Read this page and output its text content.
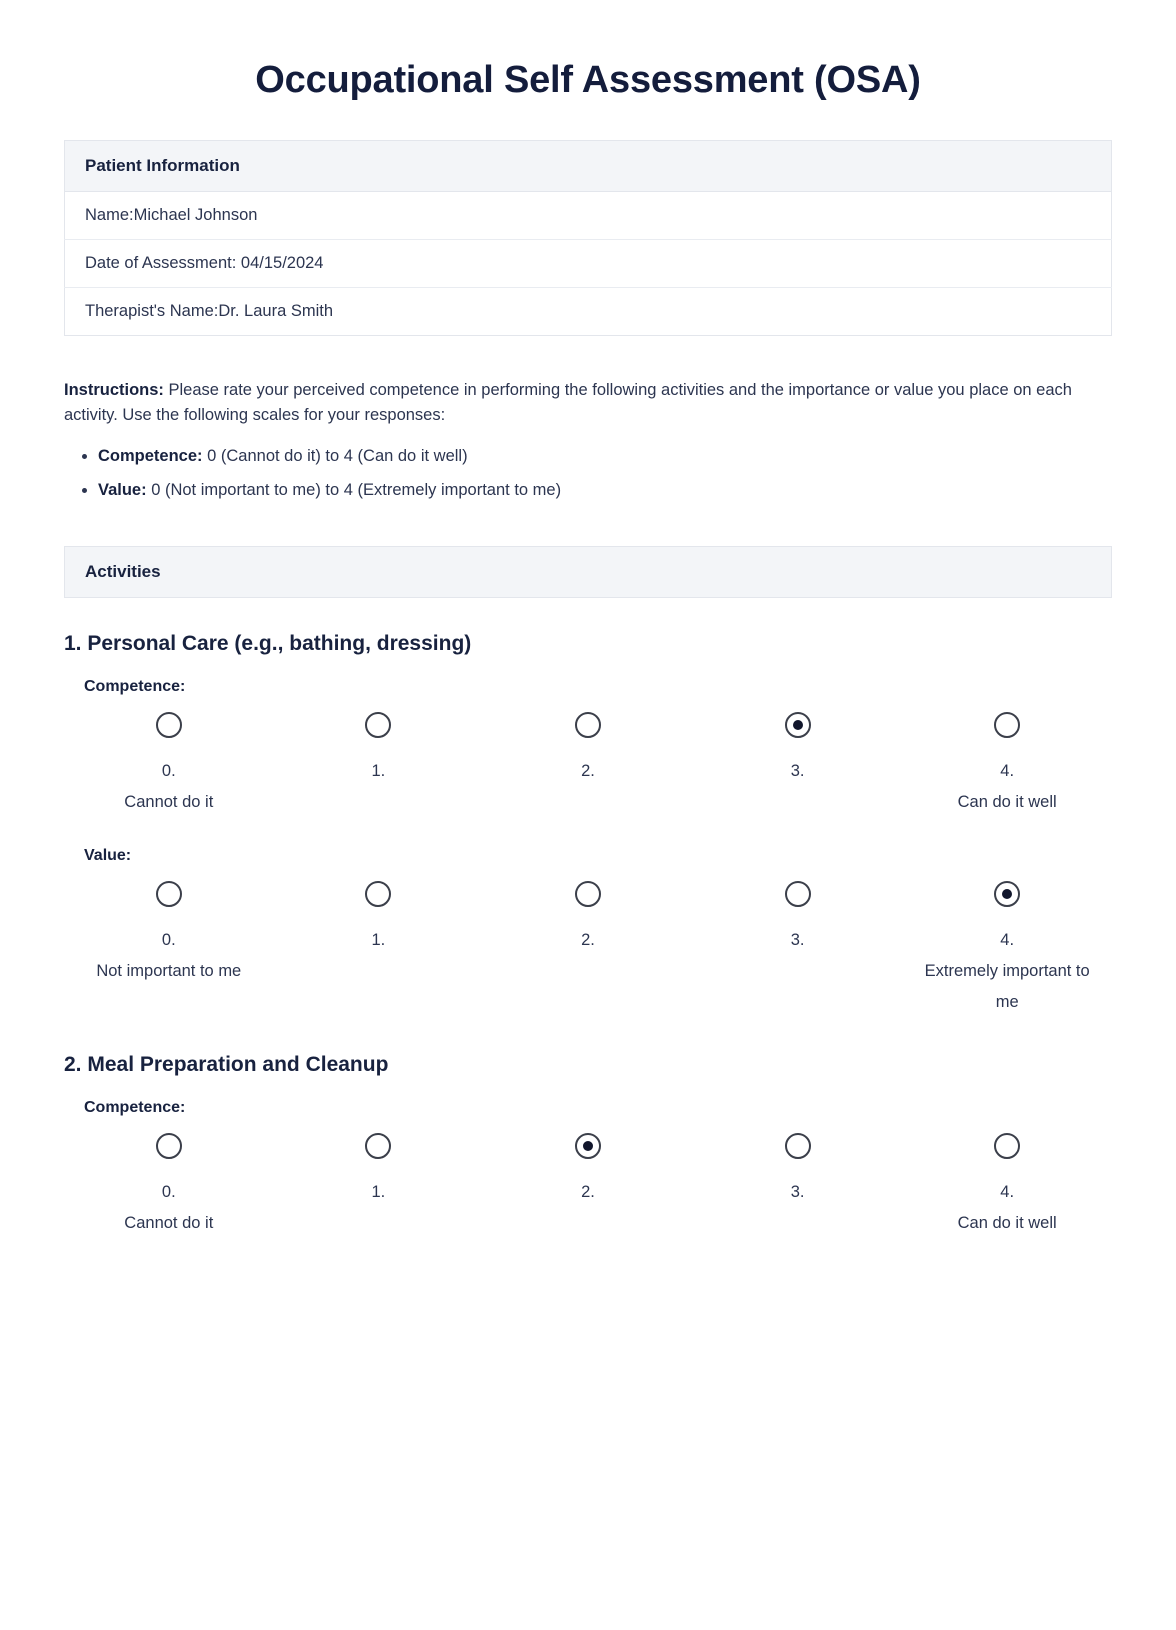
Occupational Self Assessment (OSA)
Patient Information
Name:Michael Johnson
Date of Assessment: 04/15/2024
Therapist's Name:Dr. Laura Smith

Instructions: Please rate your perceived competence in performing the following activities and the importance or value you place on each activity. Use the following scales for your responses:

• Competence: 0 (Cannot do it) to 4 (Can do it well)
• Value: 0 (Not important to me) to 4 (Extremely important to me)
Activities
1. Personal Care (e.g., bathing, dressing)
Competence:
0.
Cannot do it
1.	2.	3.	4.
Can do it well
Value:
0.
Not important to me
1.	2.	3.	4.
Extremely important to me
2. Meal Preparation and Cleanup
Competence:
0.
Cannot do it
1.	2.	3.	4.
Can do it well
